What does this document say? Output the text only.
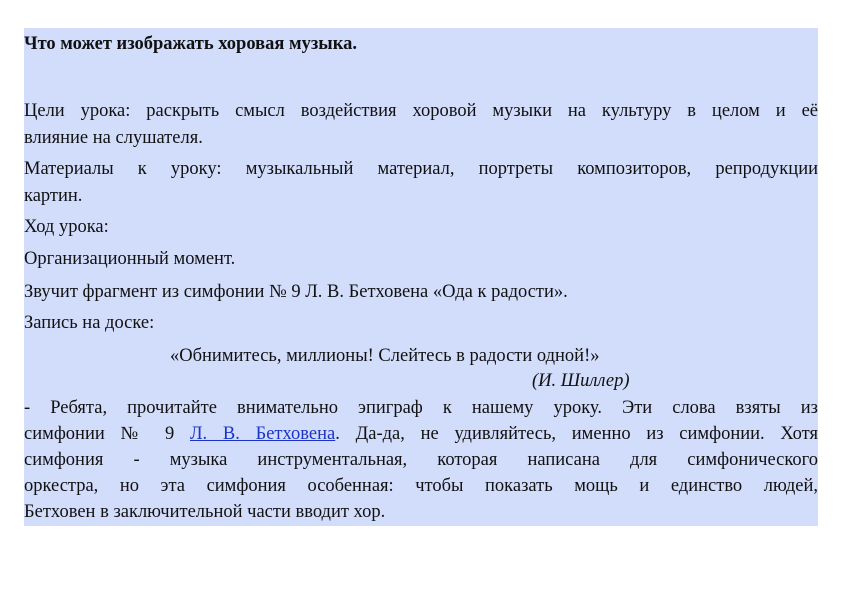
Что может изображать хоровая музыка.
Цели урока: раскрыть смысл воздействия хоровой музыки на культуру в целом и её
влияние на слушателя.
Материалы к уроку: музыкальный материал, портреты композиторов, репродукции
картин.
Ход урока:
Организационный момент.
Звучит фрагмент из симфонии № 9 Л. В. Бетховена «Ода к радости».
Запись на доске:
«Обнимитесь, миллионы! Слейтесь в радости одной!»
(И. Шиллер)
- Ребята, прочитайте внимательно эпиграф к нашему уроку. Эти слова взяты из
симфонии № 9 Л. В. Бетховена. Да-да, не удивляйтесь, именно из симфонии. Хотя
симфония - музыка инструментальная, которая написана для симфонического
оркестра, но эта симфония особенная: чтобы показать мощь и единство людей,
Бетховен в заключительной части вводит хор.
